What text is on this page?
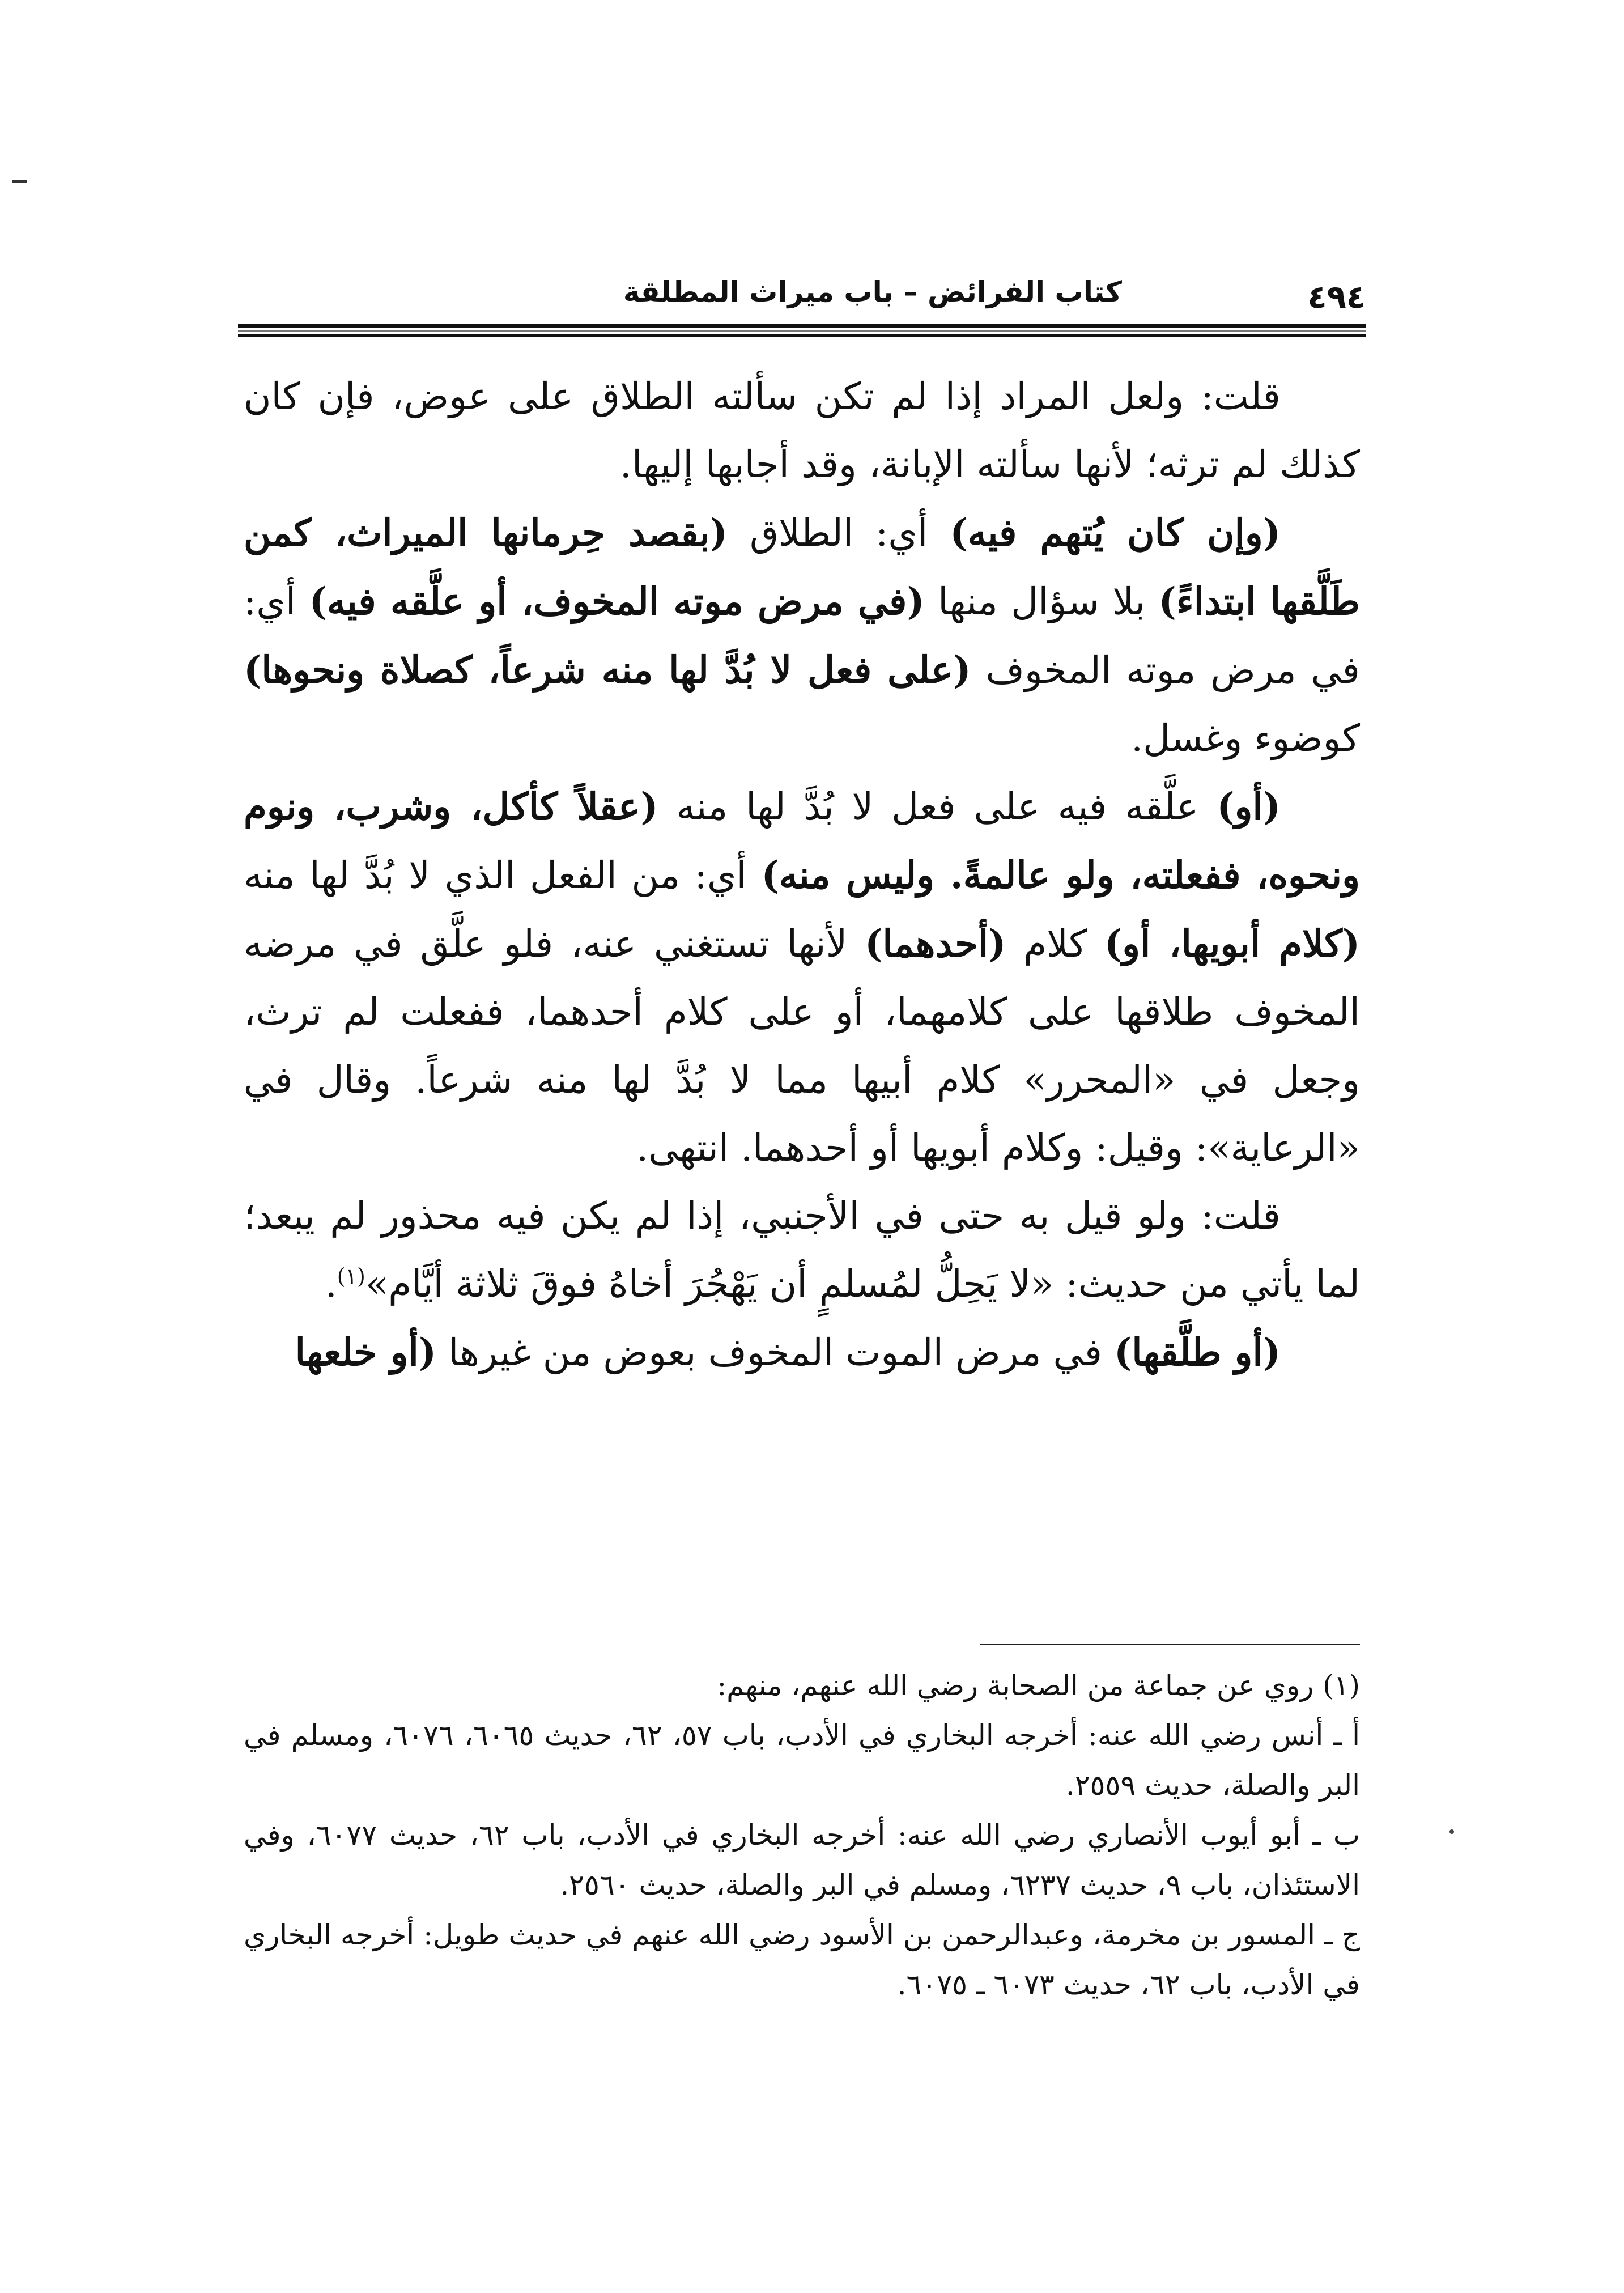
كتاب الفرائض – باب ميراث المطلقة	٤٩٤

قلت: ولعل المراد إذا لم تكن سألته الطلاق على عوض، فإن كان كذلك لم ترثه؛ لأنها سألته الإبانة، وقد أجابها إليها.

(وإن كان يُتهم فيه) أي: الطلاق (بقصد حِرمانها الميراث، كمن طَلَّقها ابتداءً) بلا سؤال منها (في مرض موته المخوف، أو علَّقه فيه) أي: في مرض موته المخوف (على فعل لا بُدَّ لها منه شرعاً، كصلاة ونحوها) كوضوء وغسل.

(أو) علَّقه فيه على فعل لا بُدَّ لها منه (عقلاً كأكل، وشرب، ونوم ونحوه، ففعلته، ولو عالمةً. وليس منه) أي: من الفعل الذي لا بُدَّ لها منه (كلام أبويها، أو) كلام (أحدهما) لأنها تستغني عنه، فلو علَّق في مرضه المخوف طلاقها على كلامهما، أو على كلام أحدهما، ففعلت لم ترث، وجعل في «المحرر» كلام أبيها مما لا بُدَّ لها منه شرعاً. وقال في «الرعاية»: وقيل: وكلام أبويها أو أحدهما. انتهى.

قلت: ولو قيل به حتى في الأجنبي، إذا لم يكن فيه محذور لم يبعد؛ لما يأتي من حديث: «لا يَحِلُّ لمُسلمٍ أن يَهْجُرَ أخاهُ فوقَ ثلاثة أيَّام»$^{(١)}$.

(أو طلَّقها) في مرض الموت المخوف بعوض من غيرها (أو خلعها

(١) روي عن جماعة من الصحابة رضي الله عنهم، منهم:

أ ـ أنس رضي الله عنه: أخرجه البخاري في الأدب، باب ٥٧، ٦٢، حديث ٦٠٦٥، ٦٠٧٦، ومسلم في البر والصلة، حديث ٢٥٥٩.

ب ـ أبو أيوب الأنصاري رضي الله عنه: أخرجه البخاري في الأدب، باب ٦٢، حديث ٦٠٧٧، وفي الاستئذان، باب ٩، حديث ٦٢٣٧، ومسلم في البر والصلة، حديث ٢٥٦٠.

ج ـ المسور بن مخرمة، وعبدالرحمن بن الأسود رضي الله عنهم في حديث طويل: أخرجه البخاري في الأدب، باب ٦٢، حديث ٦٠٧٣ ـ ٦٠٧٥.
